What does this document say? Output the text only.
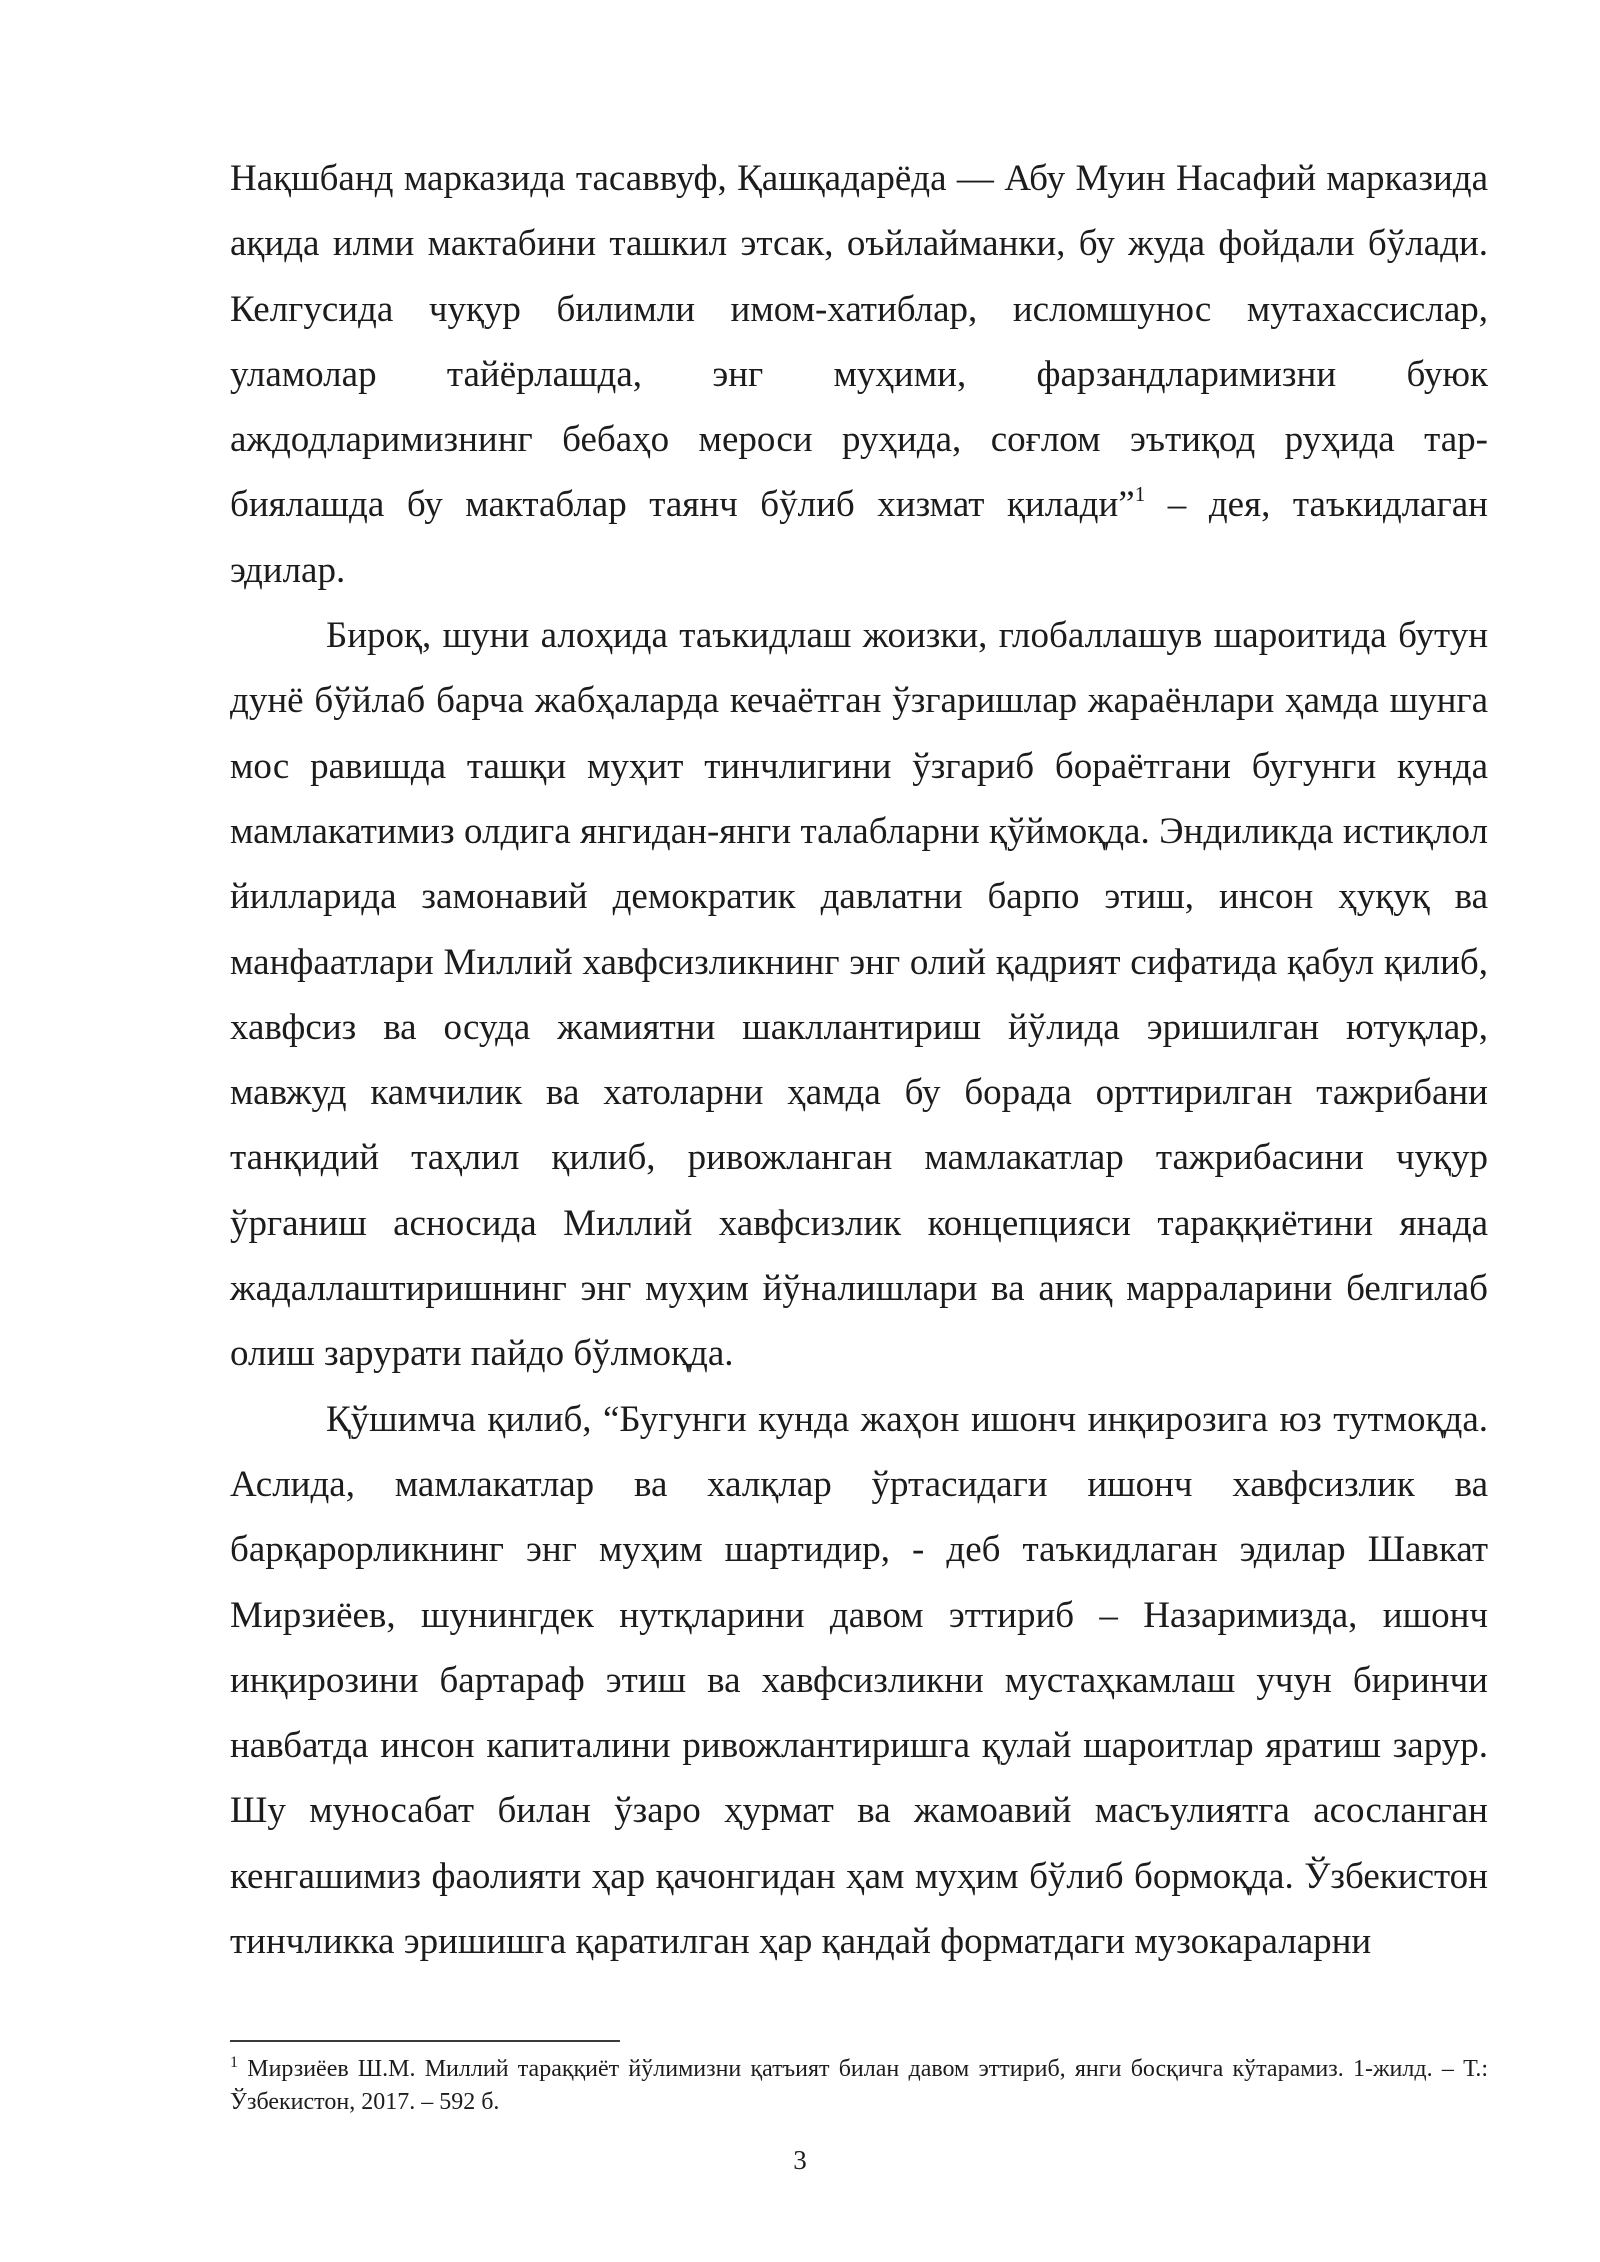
Нақшбанд марказида тасаввуф, Қашқадарёда — Абу Муин Насафий марказида ақида илми мактабини ташкил этсак, оъйлайманки, бу жуда фойдали бўлади. Келгусида чуқур билимли имом-хатиблар, исломшунос мутахассислар, уламолар тайёрлашда, энг муҳими, фарзандларимизни буюк аждодларимизнинг бебаҳо мероси руҳида, соғлом эътиқод руҳида тар-биялашда бу мактаблар таянч бўлиб хизмат қилади”$^1$ – дея, таъкидлаган эдилар.

Бироқ, шуни алоҳида таъкидлаш жоизки, глобаллашув шароитида бутун дунё бўйлаб барча жабҳаларда кечаётган ўзгаришлар жараёнлари ҳамда шунга мос равишда ташқи муҳит тинчлигини ўзгариб бораётгани бугунги кунда мамлакатимиз олдига янгидан-янги талабларни қўймоқда. Эндиликда истиқлол йилларида замонавий демократик давлатни барпо этиш, инсон ҳуқуқ ва манфаатлари Миллий хавфсизликнинг энг олий қадрият сифатида қабул қилиб, хавфсиз ва осуда жамиятни шакллантириш йўлида эришилган ютуқлар, мавжуд камчилик ва хатоларни ҳамда бу борада орттирилган тажрибани танқидий таҳлил қилиб, ривожланган мамлакатлар тажрибасини чуқур ўрганиш асносида Миллий хавфсизлик концепцияси тараққиётини янада жадаллаштиришнинг энг муҳим йўналишлари ва аниқ марраларини белгилаб олиш зарурати пайдо бўлмоқда.

Қўшимча қилиб, “Бугунги кунда жаҳон ишонч инқирозига юз тутмоқда. Аслида, мамлакатлар ва халқлар ўртасидаги ишонч хавфсизлик ва барқарорликнинг энг муҳим шартидир, - деб таъкидлаган эдилар Шавкат Мирзиёев, шунингдек нутқларини давом эттириб – Назаримизда, ишонч инқирозини бартараф этиш ва хавфсизликни мустаҳкамлаш учун биринчи навбатда инсон капиталини ривожлантиришга қулай шароитлар яратиш зарур. Шу муносабат билан ўзаро ҳурмат ва жамоавий масъулиятга асосланган кенгашимиз фаолияти ҳар қачонгидан ҳам муҳим бўлиб бормоқда. Ўзбекистон тинчликка эришишга қаратилган ҳар қандай форматдаги музокараларни

$^1$ Мирзиёев Ш.М. Миллий тараққиёт йўлимизни қатъият билан давом эттириб, янги босқичга кўтарамиз. 1-жилд. – Т.: Ўзбекистон, 2017. – 592 б.

3
